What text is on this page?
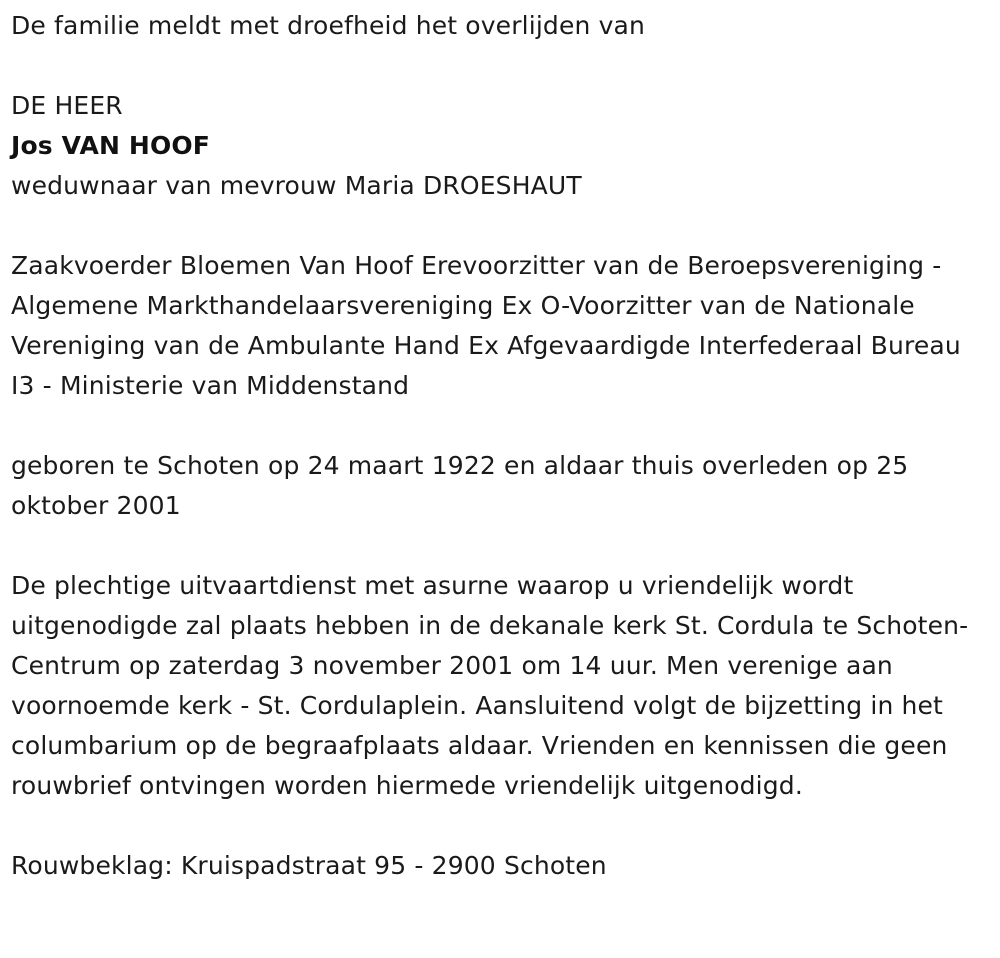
De familie meldt met droefheid het overlijden van

DE HEER

Jos VAN HOOF

weduwnaar van mevrouw Maria DROESHAUT

Zaakvoerder Bloemen Van Hoof Erevoorzitter van de Beroepsvereniging - Algemene Markthandelaarsvereniging Ex O-Voorzitter van de Nationale Vereniging van de Ambulante Hand Ex Afgevaardigde Interfederaal Bureau I3 - Ministerie van Middenstand

geboren te Schoten op 24 maart 1922 en aldaar thuis overleden op 25 oktober 2001

De plechtige uitvaartdienst met asurne waarop u vriendelijk wordt uitgenodigde zal plaats hebben in de dekanale kerk St. Cordula te Schoten-Centrum op zaterdag 3 november 2001 om 14 uur. Men verenige aan voornoemde kerk - St. Cordulaplein. Aansluitend volgt de bijzetting in het columbarium op de begraafplaats aldaar. Vrienden en kennissen die geen rouwbrief ontvingen worden hiermede vriendelijk uitgenodigd.

Rouwbeklag: Kruispadstraat 95 - 2900 Schoten
